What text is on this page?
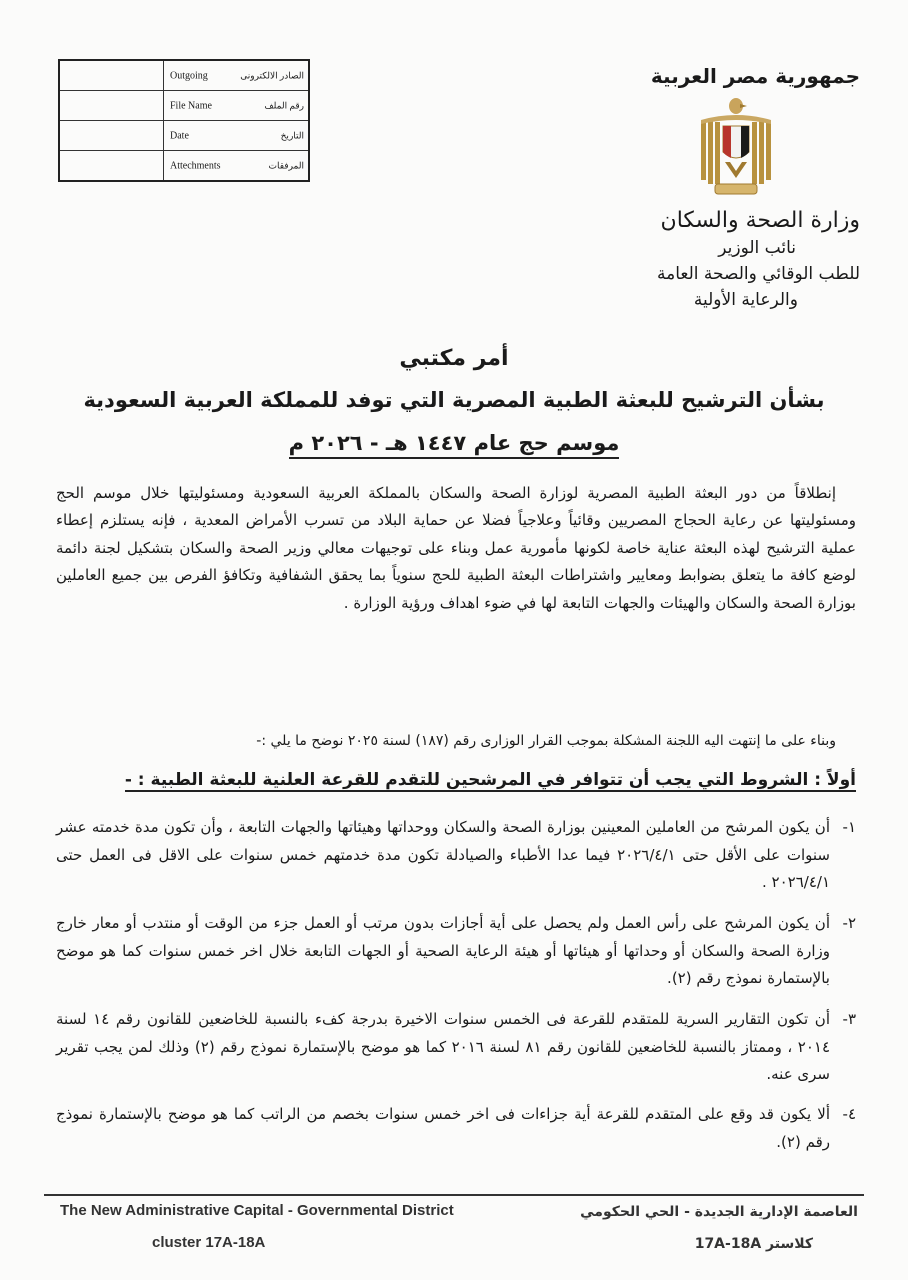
	Outgoing الصادر الالكترونى

	File Name رقم الملف

	Date التاريخ

	Attechments المرفقات
جمهورية مصر العربية
وزارة الصحة والسكان
نائب الوزير
للطب الوقائي والصحة العامة
والرعاية الأولية
أمر مكتبي
بشأن الترشيح للبعثة الطبية المصرية التي توفد للمملكة العربية السعودية
موسم حج عام ١٤٤٧ هـ - ٢٠٢٦ م
إنطلاقاً من دور البعثة الطبية المصرية لوزارة الصحة والسكان بالمملكة العربية السعودية ومسئوليتها خلال موسم الحج ومسئوليتها عن رعاية الحجاج المصريين وقائياً وعلاجياً فضلا عن حماية البلاد من تسرب الأمراض المعدية ، فإنه يستلزم إعطاء عملية الترشيح لهذه البعثة عناية خاصة لكونها مأمورية عمل وبناء على توجيهات معالي وزير الصحة والسكان بتشكيل لجنة دائمة لوضع كافة ما يتعلق بضوابط ومعايير واشتراطات البعثة الطبية للحج سنوياً بما يحقق الشفافية وتكافؤ الفرص بين جميع العاملين بوزارة الصحة والسكان والهيئات والجهات التابعة لها في ضوء اهداف ورؤية الوزارة .
وبناء على ما إنتهت اليه اللجنة المشكلة بموجب القرار الوزارى رقم (١٨٧) لسنة ٢٠٢٥ نوضح ما يلي :-
أولاً : الشروط التي يجب أن تتوافر في المرشحين للتقدم للقرعة العلنية للبعثة الطبية : -
١-
أن يكون المرشح من العاملين المعينين بوزارة الصحة والسكان ووحداتها وهيئاتها والجهات التابعة ، وأن تكون مدة خدمته عشر سنوات على الأقل حتى ٢٠٢٦/٤/١ فيما عدا الأطباء والصيادلة تكون مدة خدمتهم خمس سنوات على الاقل فى العمل حتى ٢٠٢٦/٤/١ .
٢-
أن يكون المرشح على رأس العمل ولم يحصل على أية أجازات بدون مرتب أو العمل جزء من الوقت أو منتدب أو معار خارج وزارة الصحة والسكان أو وحداتها أو هيئاتها أو هيئة الرعاية الصحية أو الجهات التابعة خلال اخر خمس سنوات كما هو موضح بالإستمارة نموذج رقم (٢).
٣-
أن تكون التقارير السرية للمتقدم للقرعة فى الخمس سنوات الاخيرة بدرجة كفء بالنسبة للخاضعين للقانون رقم ١٤ لسنة ٢٠١٤ ، وممتاز بالنسبة للخاضعين للقانون رقم ٨١ لسنة ٢٠١٦ كما هو موضح بالإستمارة نموذج رقم (٢) وذلك لمن يجب تقرير سرى عنه.
٤-
ألا يكون قد وقع على المتقدم للقرعة أية جزاءات فى اخر خمس سنوات بخصم من الراتب كما هو موضح بالإستمارة نموذج رقم (٢).
The New Administrative Capital - Governmental District
cluster 17A-18A
العاصمة الإدارية الجديدة - الحي الحكومي
كلاستر 17A-18A
